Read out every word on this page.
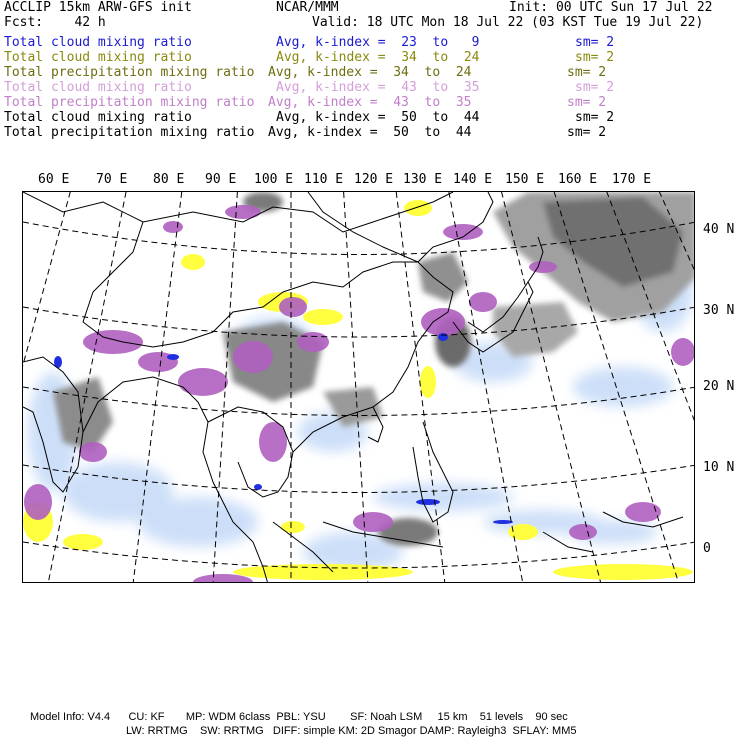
ACCLIP 15km ARW-GFS init	NCAR/MMM	Init: 00 UTC Sun 17 Jul 22
Fcst:    42 h	Valid: 18 UTC Mon 18 Jul 22 (03 KST Tue 19 Jul 22)
Total cloud mixing ratio	Avg, k-index =  23  to   9	sm= 2
Total cloud mixing ratio	Avg, k-index =  34  to  24	sm= 2
Total precipitation mixing ratio Avg, k-index =  34  to  24	sm= 2
Total cloud mixing ratio	Avg, k-index =  43  to  35	sm= 2
Total precipitation mixing ratio Avg, k-index =  43  to  35	sm= 2
Total cloud mixing ratio	Avg, k-index =  50  to  44	sm= 2
Total precipitation mixing ratio Avg, k-index =  50  to  44	sm= 2
60 E 70 E 80 E 90 E 100 E 110 E 120 E 130 E 140 E 150 E 160 E 170 E
40 N
30 N
20 N
10 N
0
Model Info: V4.4      CU: KF       MP: WDM 6class  PBL: YSU        SF: Noah LSM     15 km    51 levels    90 sec
LW: RRTMG    SW: RRTMG   DIFF: simple KM: 2D Smagor DAMP: Rayleigh3  SFLAY: MM5
